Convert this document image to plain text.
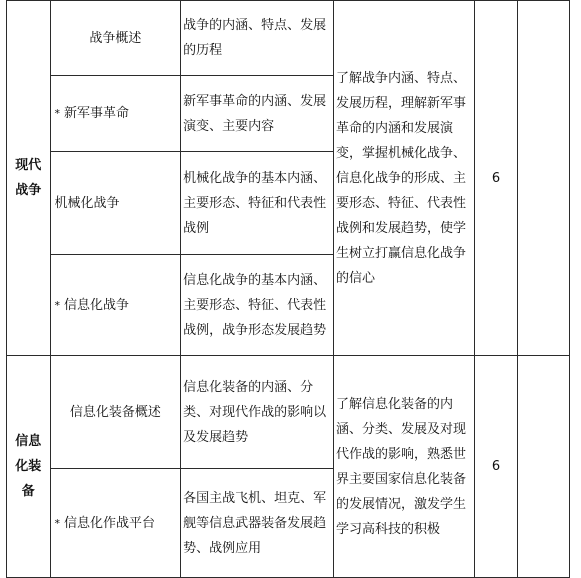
现代战争	战争概述	战争的内涵、特点、发展的历程	了解战争内涵、特点、发展历程，理解新军事革命的内涵和发展演变，掌握机械化战争、信息化战争的形成、主要形态、特征、代表性战例和发展趋势，使学生树立打赢信息化战争的信心	6	
	* 新军事革命	新军事革命的内涵、发展演变、主要内容			
	机械化战争	机械化战争的基本内涵、主要形态、特征和代表性战例			
	* 信息化战争	信息化战争的基本内涵、主要形态、特征、代表性战例，战争形态发展趋势			
信息化装备	信息化装备概述	信息化装备的内涵、分类、对现代作战的影响以及发展趋势	了解信息化装备的内涵、分类、发展及对现代作战的影响，熟悉世界主要国家信息化装备的发展情况，激发学生学习高科技的积极	6	
	* 信息化作战平台	各国主战飞机、坦克、军舰等信息武器装备发展趋势、战例应用			
